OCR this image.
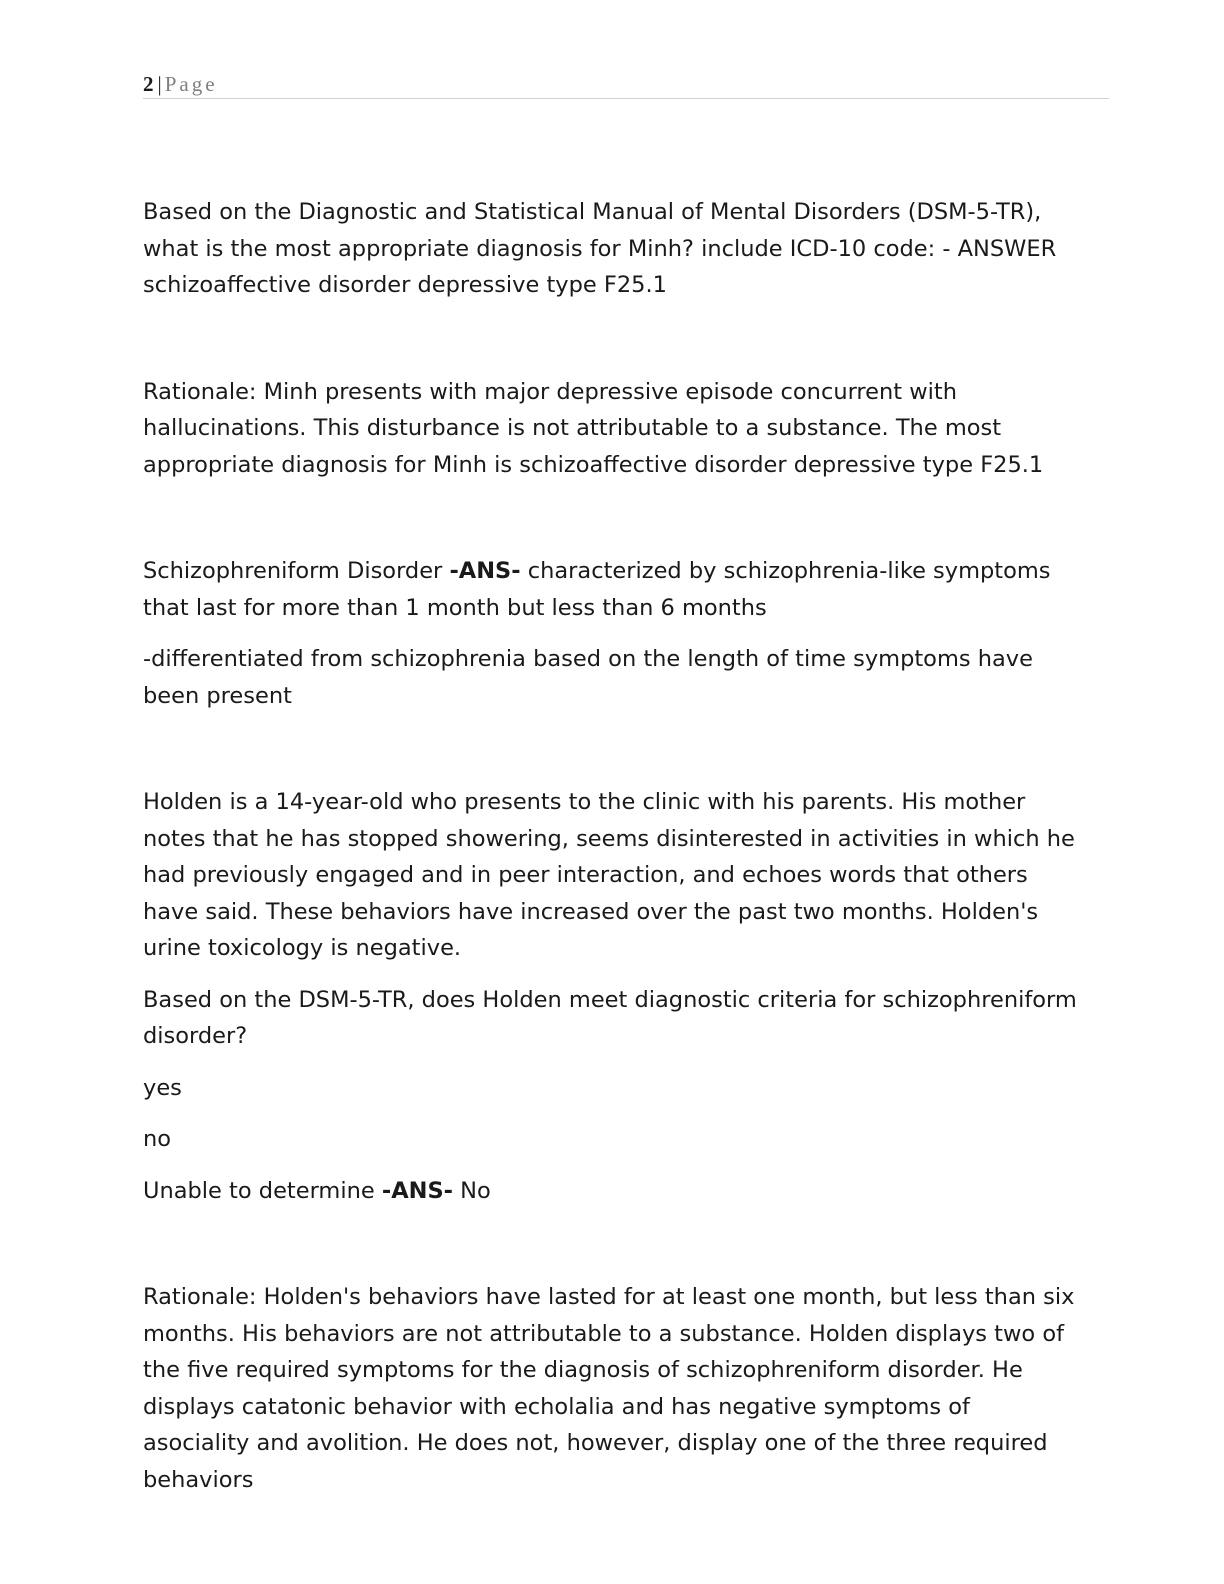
2 | Page

Based on the Diagnostic and Statistical Manual of Mental Disorders (DSM-5-TR), what is the most appropriate diagnosis for Minh? include ICD-10 code: - ANSWER schizoaffective disorder depressive type F25.1

Rationale: Minh presents with major depressive episode concurrent with hallucinations. This disturbance is not attributable to a substance. The most appropriate diagnosis for Minh is schizoaffective disorder depressive type F25.1

Schizophreniform Disorder -ANS- characterized by schizophrenia-like symptoms that last for more than 1 month but less than 6 months

-differentiated from schizophrenia based on the length of time symptoms have been present

Holden is a 14-year-old who presents to the clinic with his parents. His mother notes that he has stopped showering, seems disinterested in activities in which he had previously engaged and in peer interaction, and echoes words that others have said. These behaviors have increased over the past two months. Holden's urine toxicology is negative.

Based on the DSM-5-TR, does Holden meet diagnostic criteria for schizophreniform disorder?

yes

no

Unable to determine -ANS- No

Rationale: Holden's behaviors have lasted for at least one month, but less than six months. His behaviors are not attributable to a substance. Holden displays two of the five required symptoms for the diagnosis of schizophreniform disorder. He displays catatonic behavior with echolalia and has negative symptoms of asociality and avolition. He does not, however, display one of the three required behaviors
